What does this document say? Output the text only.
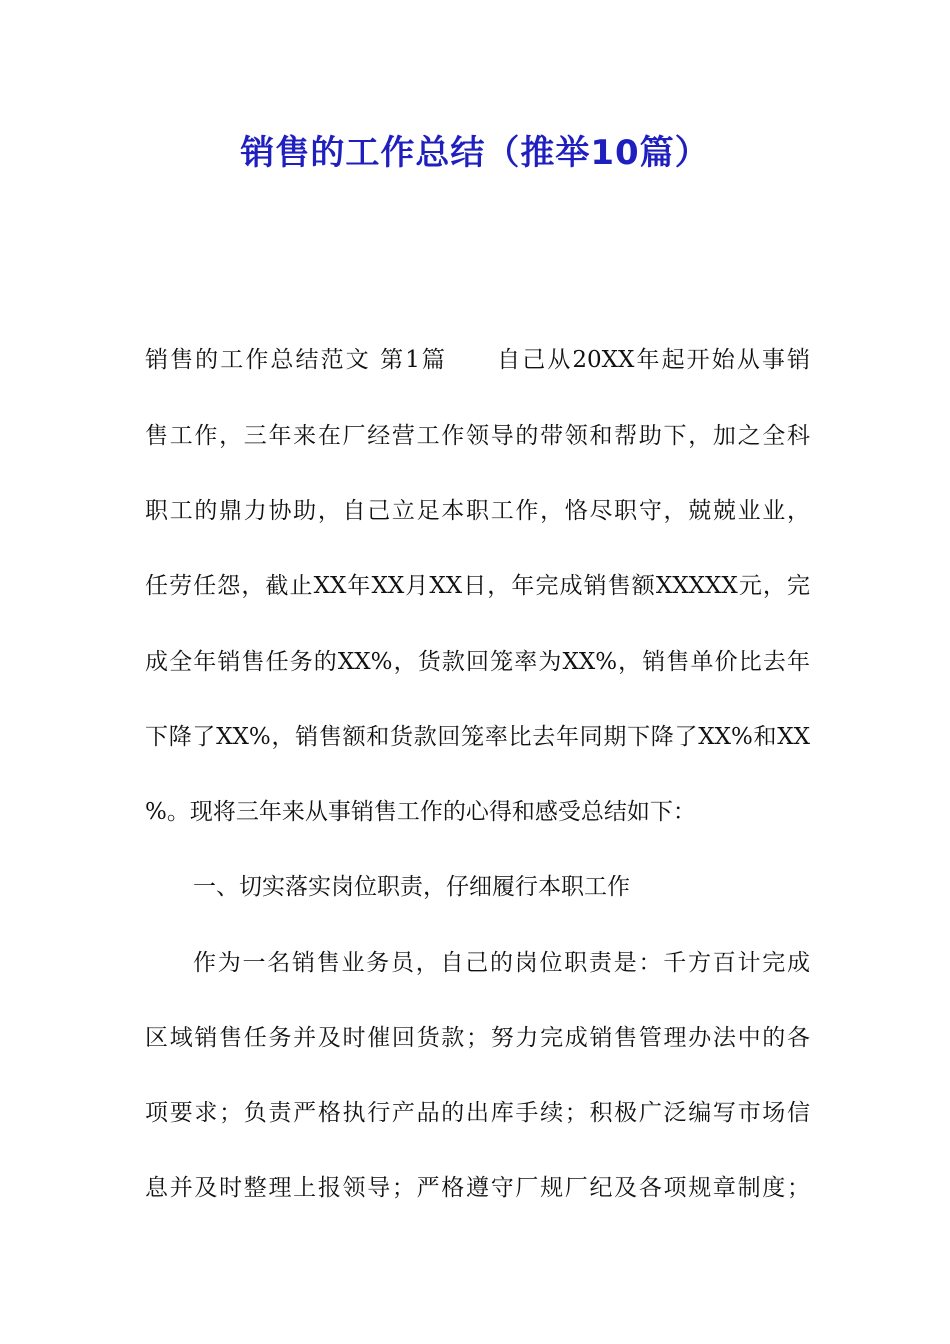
销售的工作总结（推举10篇）
销售的工作总结范文 第1篇　　自己从20XX年起开始从事销
售工作，三年来在厂经营工作领导的带领和帮助下，加之全科
职工的鼎力协助，自己立足本职工作，恪尽职守，兢兢业业，
任劳任怨，截止XX年XX月XX日，年完成销售额XXXXX元，完
成全年销售任务的XX%，货款回笼率为XX%，销售单价比去年
下降了XX%，销售额和货款回笼率比去年同期下降了XX%和XX
%。现将三年来从事销售工作的心得和感受总结如下：
一、切实落实岗位职责，仔细履行本职工作
作为一名销售业务员，自己的岗位职责是：千方百计完成
区域销售任务并及时催回货款；努力完成销售管理办法中的各
项要求；负责严格执行产品的出库手续；积极广泛编写市场信
息并及时整理上报领导；严格遵守厂规厂纪及各项规章制度；
